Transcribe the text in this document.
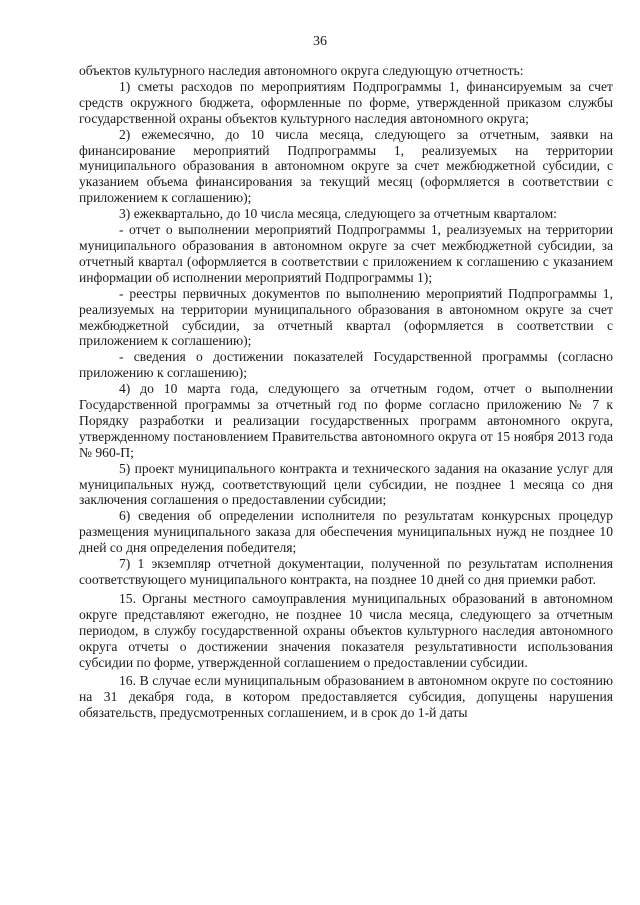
36

объектов культурного наследия автономного округа следующую отчетность:

1) сметы расходов по мероприятиям Подпрограммы 1, финансируемым за счет средств окружного бюджета, оформленные по форме, утвержденной приказом службы государственной охраны объектов культурного наследия автономного округа;

2) ежемесячно, до 10 числа месяца, следующего за отчетным, заявки на финансирование мероприятий Подпрограммы 1, реализуемых на территории муниципального образования в автономном округе за счет межбюджетной субсидии, с указанием объема финансирования за текущий месяц (оформляется в соответствии с приложением к соглашению);

3) ежеквартально, до 10 числа месяца, следующего за отчетным кварталом:

- отчет о выполнении мероприятий Подпрограммы 1, реализуемых на территории муниципального образования в автономном округе за счет межбюджетной субсидии, за отчетный квартал (оформляется в соответствии с приложением к соглашению с указанием информации об исполнении мероприятий Подпрограммы 1);

- реестры первичных документов по выполнению мероприятий Подпрограммы 1, реализуемых на территории муниципального образования в автономном округе за счет межбюджетной субсидии, за отчетный квартал (оформляется в соответствии с приложением к соглашению);

- сведения о достижении показателей Государственной программы (согласно приложению к соглашению);

4) до 10 марта года, следующего за отчетным годом, отчет о выполнении Государственной программы за отчетный год по форме согласно приложению № 7 к Порядку разработки и реализации государственных программ автономного округа, утвержденному постановлением Правительства автономного округа от 15 ноября 2013 года № 960-П;

5) проект муниципального контракта и технического задания на оказание услуг для муниципальных нужд, соответствующий цели субсидии, не позднее 1 месяца со дня заключения соглашения о предоставлении субсидии;

6) сведения об определении исполнителя по результатам конкурсных процедур размещения муниципального заказа для обеспечения муниципальных нужд не позднее 10 дней со дня определения победителя;

7) 1 экземпляр отчетной документации, полученной по результатам исполнения соответствующего муниципального контракта, на позднее 10 дней со дня приемки работ.

15. Органы местного самоуправления муниципальных образований в автономном округе представляют ежегодно, не позднее 10 числа месяца, следующего за отчетным периодом, в службу государственной охраны объектов культурного наследия автономного округа отчеты о достижении значения показателя результативности использования субсидии по форме, утвержденной соглашением о предоставлении субсидии.

16. В случае если муниципальным образованием в автономном округе по состоянию на 31 декабря года, в котором предоставляется субсидия, допущены нарушения обязательств, предусмотренных соглашением, и в срок до 1-й даты
